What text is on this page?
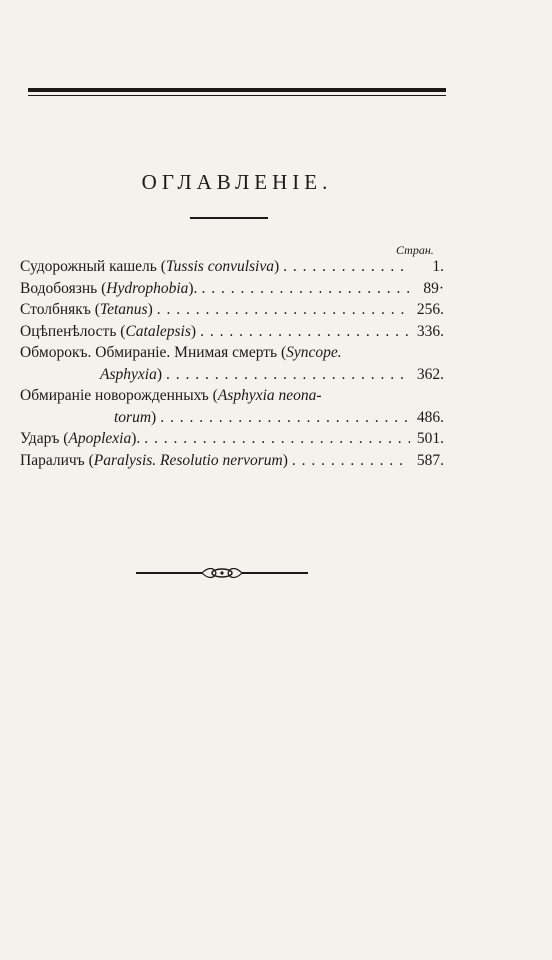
ОГЛАВЛЕНІЕ.
Стран.
Судорожный кашель (Tussis convulsiva) . . .	1.
Водобоязнь (Hydrophobia). . . .	89·
Столбнякъ (Tetanus) . . .	256.
Оцѣпенѣлость (Catalepsis) . . .	336.
Обморокъ. Обмираніе. Мнимая смерть (Syncope.
Asphyxia) . . .	362.
Обмираніе новорожденныхъ (Asphyxia neona-
torum) . . .	486.
Ударъ (Apoplexia). . . .	501.
Параличъ (Paralysis. Resolutio nervorum) . . .	587.
